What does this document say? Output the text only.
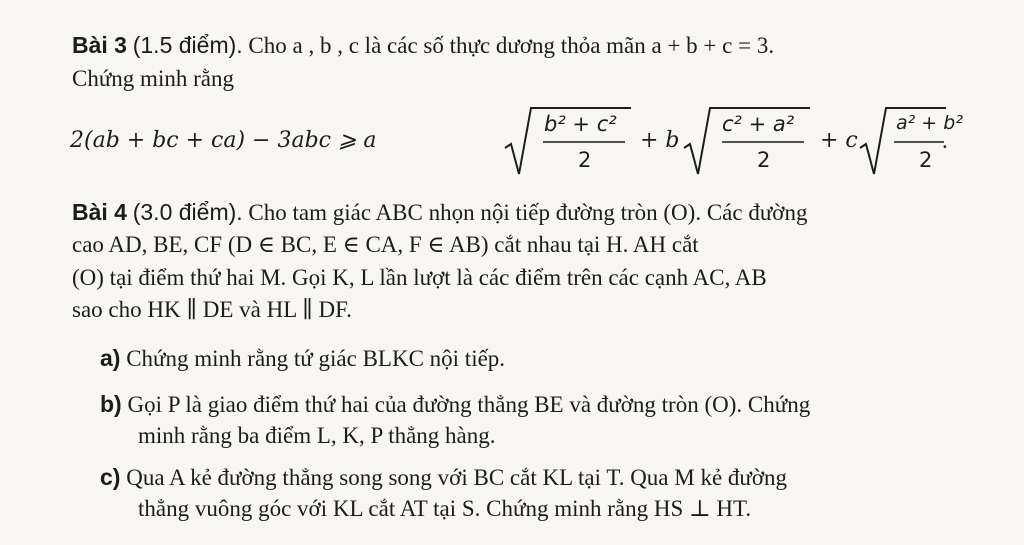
Bài 3 (1.5 điểm). Cho a , b , c là các số thực dương thỏa mãn a + b + c = 3.
Chứng minh rằng
2(ab + bc + ca) − 3abc ⩾ a
b² + c²
2
+ b
c² + a²
2
+ c
a² + b²
2
.
Bài 4 (3.0 điểm). Cho tam giác ABC nhọn nội tiếp đường tròn (O). Các đường
cao AD, BE, CF (D ∈ BC, E ∈ CA, F ∈ AB) cắt nhau tại H. AH cắt
(O) tại điểm thứ hai M. Gọi K, L lần lượt là các điểm trên các cạnh AC, AB
sao cho HK ∥ DE và HL ∥ DF.
a) Chứng minh rằng tứ giác BLKC nội tiếp.
b) Gọi P là giao điểm thứ hai của đường thẳng BE và đường tròn (O). Chứng
minh rằng ba điểm L, K, P thẳng hàng.
c) Qua A kẻ đường thẳng song song với BC cắt KL tại T. Qua M kẻ đường
thẳng vuông góc với KL cắt AT tại S. Chứng minh rằng HS ⊥ HT.
